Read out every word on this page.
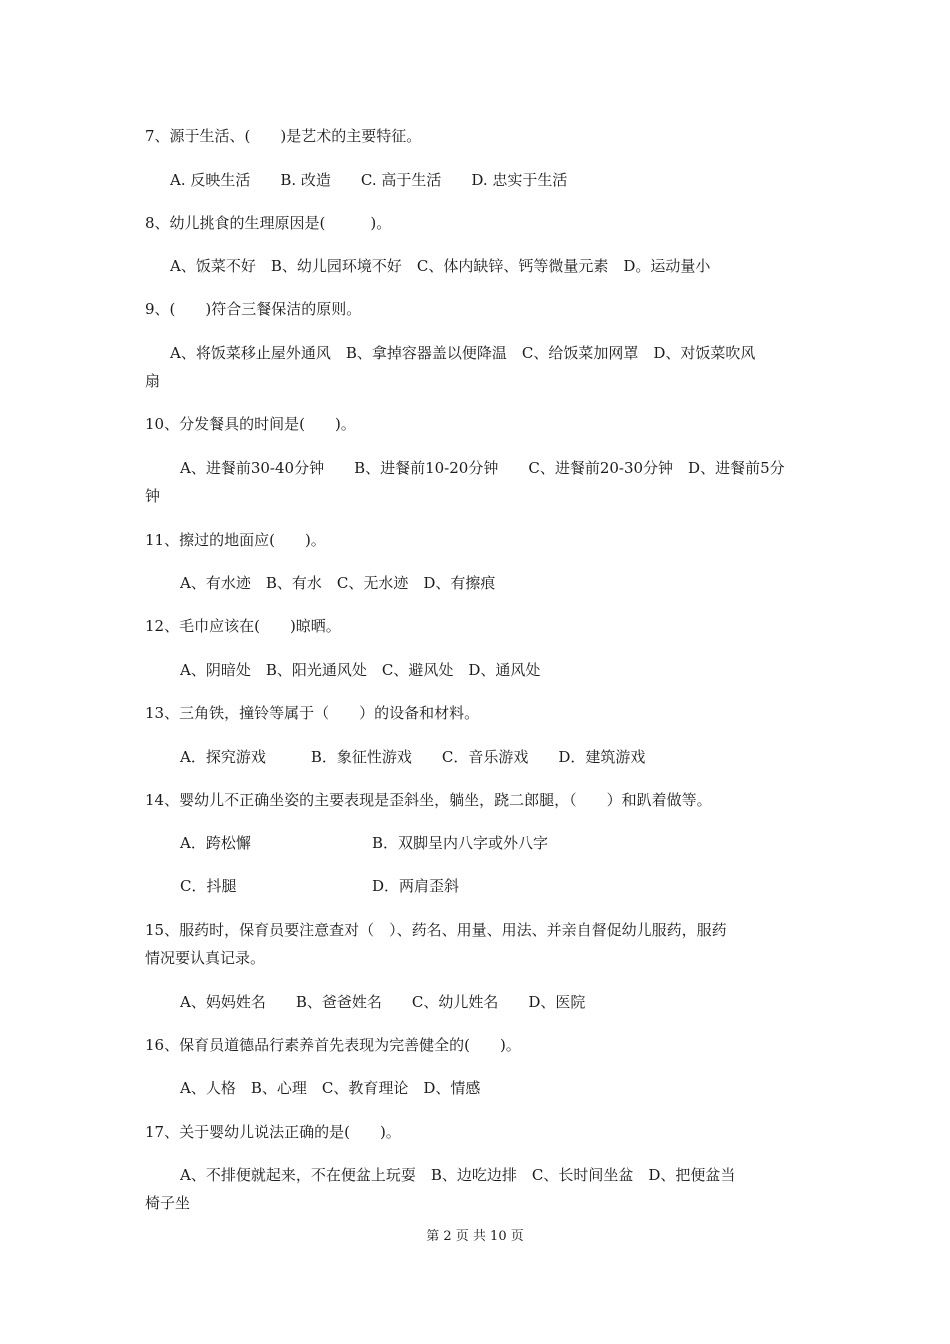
7、源于生活、(　　)是艺术的主要特征。
A. 反映生活　　B. 改造　　C. 高于生活　　D. 忠实于生活
8、幼儿挑食的生理原因是(　　　)。
A、饭菜不好　B、幼儿园环境不好　C、体内缺锌、钙等微量元素　D。运动量小
9、(　　)符合三餐保洁的原则。
A、将饭菜移止屋外通风　B、拿掉容器盖以便降温　C、给饭菜加网罩　D、对饭菜吹风
扇
10、分发餐具的时间是(　　)。
A、进餐前30-40分钟　　B、进餐前10-20分钟　　C、进餐前20-30分钟　D、进餐前5分
钟
11、擦过的地面应(　　)。
A、有水迹　B、有水　C、无水迹　D、有擦痕
12、毛巾应该在(　　)晾晒。
A、阴暗处　B、阳光通风处　C、避风处　D、通风处
13、三角铁，撞铃等属于（　　）的设备和材料。
A．探究游戏　　　B．象征性游戏　　C．音乐游戏　　D．建筑游戏
14、婴幼儿不正确坐姿的主要表现是歪斜坐，躺坐，跷二郎腿，（　　）和趴着做等。
A．跨松懈	B．双脚呈内八字或外八字
C．抖腿	D．两肩歪斜
15、服药时，保育员要注意查对（　）、药名、用量、用法、并亲自督促幼儿服药，服药
情况要认真记录。
A、妈妈姓名　　B、爸爸姓名　　C、幼儿姓名　　D、医院
16、保育员道德品行素养首先表现为完善健全的(　　)。
A、人格　B、心理　C、教育理论　D、情感
17、关于婴幼儿说法正确的是(　　)。
A、不排便就起来，不在便盆上玩耍　B、边吃边排　C、长时间坐盆　D、把便盆当
椅子坐
第 2 页 共 10 页
